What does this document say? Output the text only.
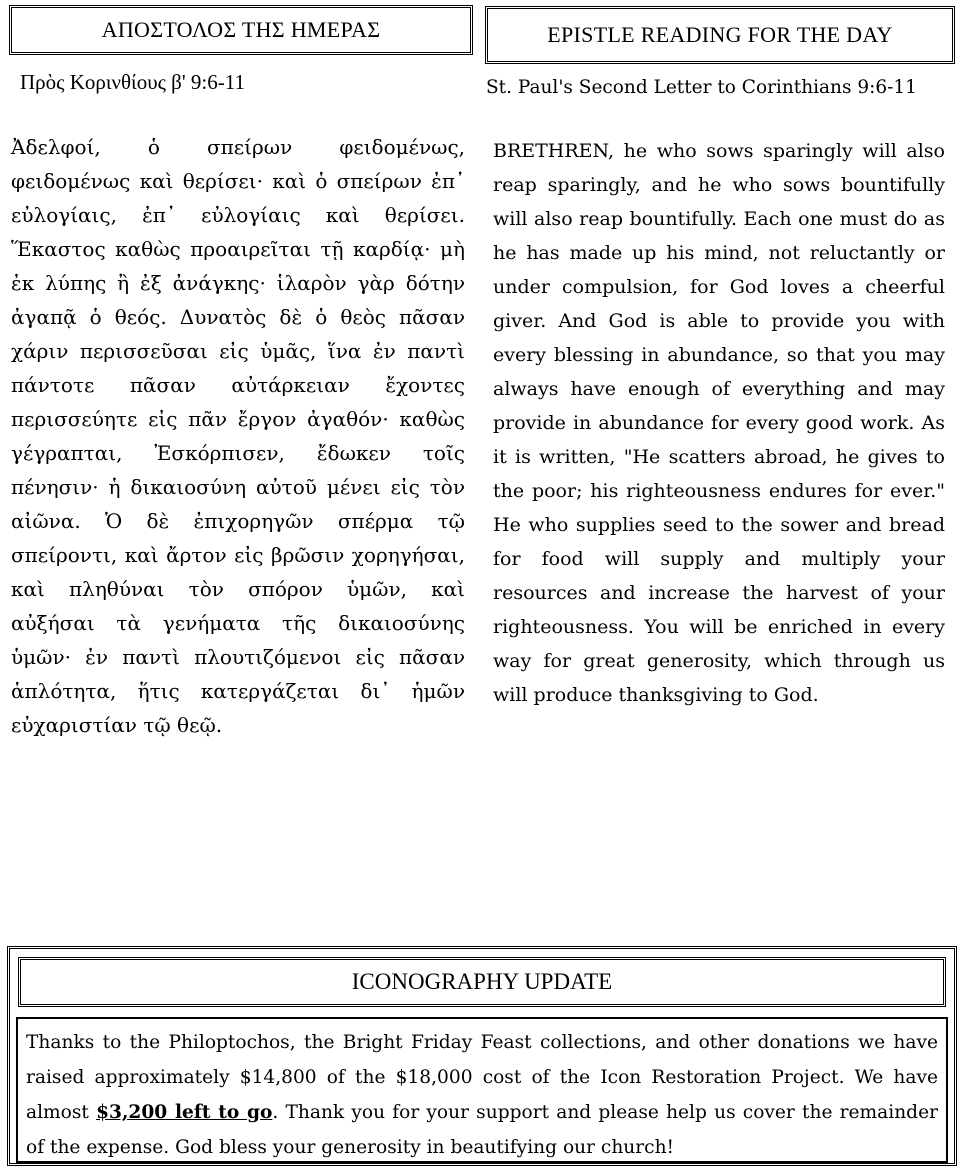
ΑΠΟΣΤΟΛΟΣ ΤΗΣ ΗΜΕΡΑΣ
Πρὸς Κορινθίους β' 9:6-11

Ἀδελφοί, ὁ σπείρων φειδομένως, φειδομένως καὶ θερίσει· καὶ ὁ σπείρων ἐπ᾿ εὐλογίαις, ἐπ᾿ εὐλογίαις καὶ θερίσει. Ἕκαστος καθὼς προαιρεῖται τῇ καρδίᾳ· μὴ ἐκ λύπης ἢ ἐξ ἀνάγκης· ἱλαρὸν γὰρ δότην ἀγαπᾷ ὁ θεός. Δυνατὸς δὲ ὁ θεὸς πᾶσαν χάριν περισσεῦσαι εἰς ὑμᾶς, ἵνα ἐν παντὶ πάντοτε πᾶσαν αὐτάρκειαν ἔχοντες περισσεύητε εἰς πᾶν ἔργον ἀγαθόν· καθὼς γέγραπται, Ἐσκόρπισεν, ἔδωκεν τοῖς πένησιν· ἡ δικαιοσύνη αὐτοῦ μένει εἰς τὸν αἰῶνα. Ὁ δὲ ἐπιχορηγῶν σπέρμα τῷ σπείροντι, καὶ ἄρτον εἰς βρῶσιν χορηγήσαι, καὶ πληθύναι τὸν σπόρον ὑμῶν, καὶ αὐξήσαι τὰ γενήματα τῆς δικαιοσύνης ὑμῶν· ἐν παντὶ πλουτιζόμενοι εἰς πᾶσαν ἁπλότητα, ἥτις κατεργάζεται δι᾿ ἡμῶν εὐχαριστίαν τῷ θεῷ.

EPISTLE READING FOR THE DAY
St. Paul's Second Letter to Corinthians 9:6-11

BRETHREN, he who sows sparingly will also reap sparingly, and he who sows bountifully will also reap bountifully. Each one must do as he has made up his mind, not reluctantly or under compulsion, for God loves a cheerful giver. And God is able to provide you with every blessing in abundance, so that you may always have enough of everything and may provide in abundance for every good work. As it is written, "He scatters abroad, he gives to the poor; his righteousness endures for ever." He who supplies seed to the sower and bread for food will supply and multiply your resources and increase the harvest of your righteousness. You will be enriched in every way for great generosity, which through us will produce thanksgiving to God.

ICONOGRAPHY UPDATE

Thanks to the Philoptochos, the Bright Friday Feast collections, and other donations we have raised approximately $14,800 of the $18,000 cost of the Icon Restoration Project. We have almost $3,200 left to go. Thank you for your support and please help us cover the remainder of the expense. God bless your generosity in beautifying our church!
